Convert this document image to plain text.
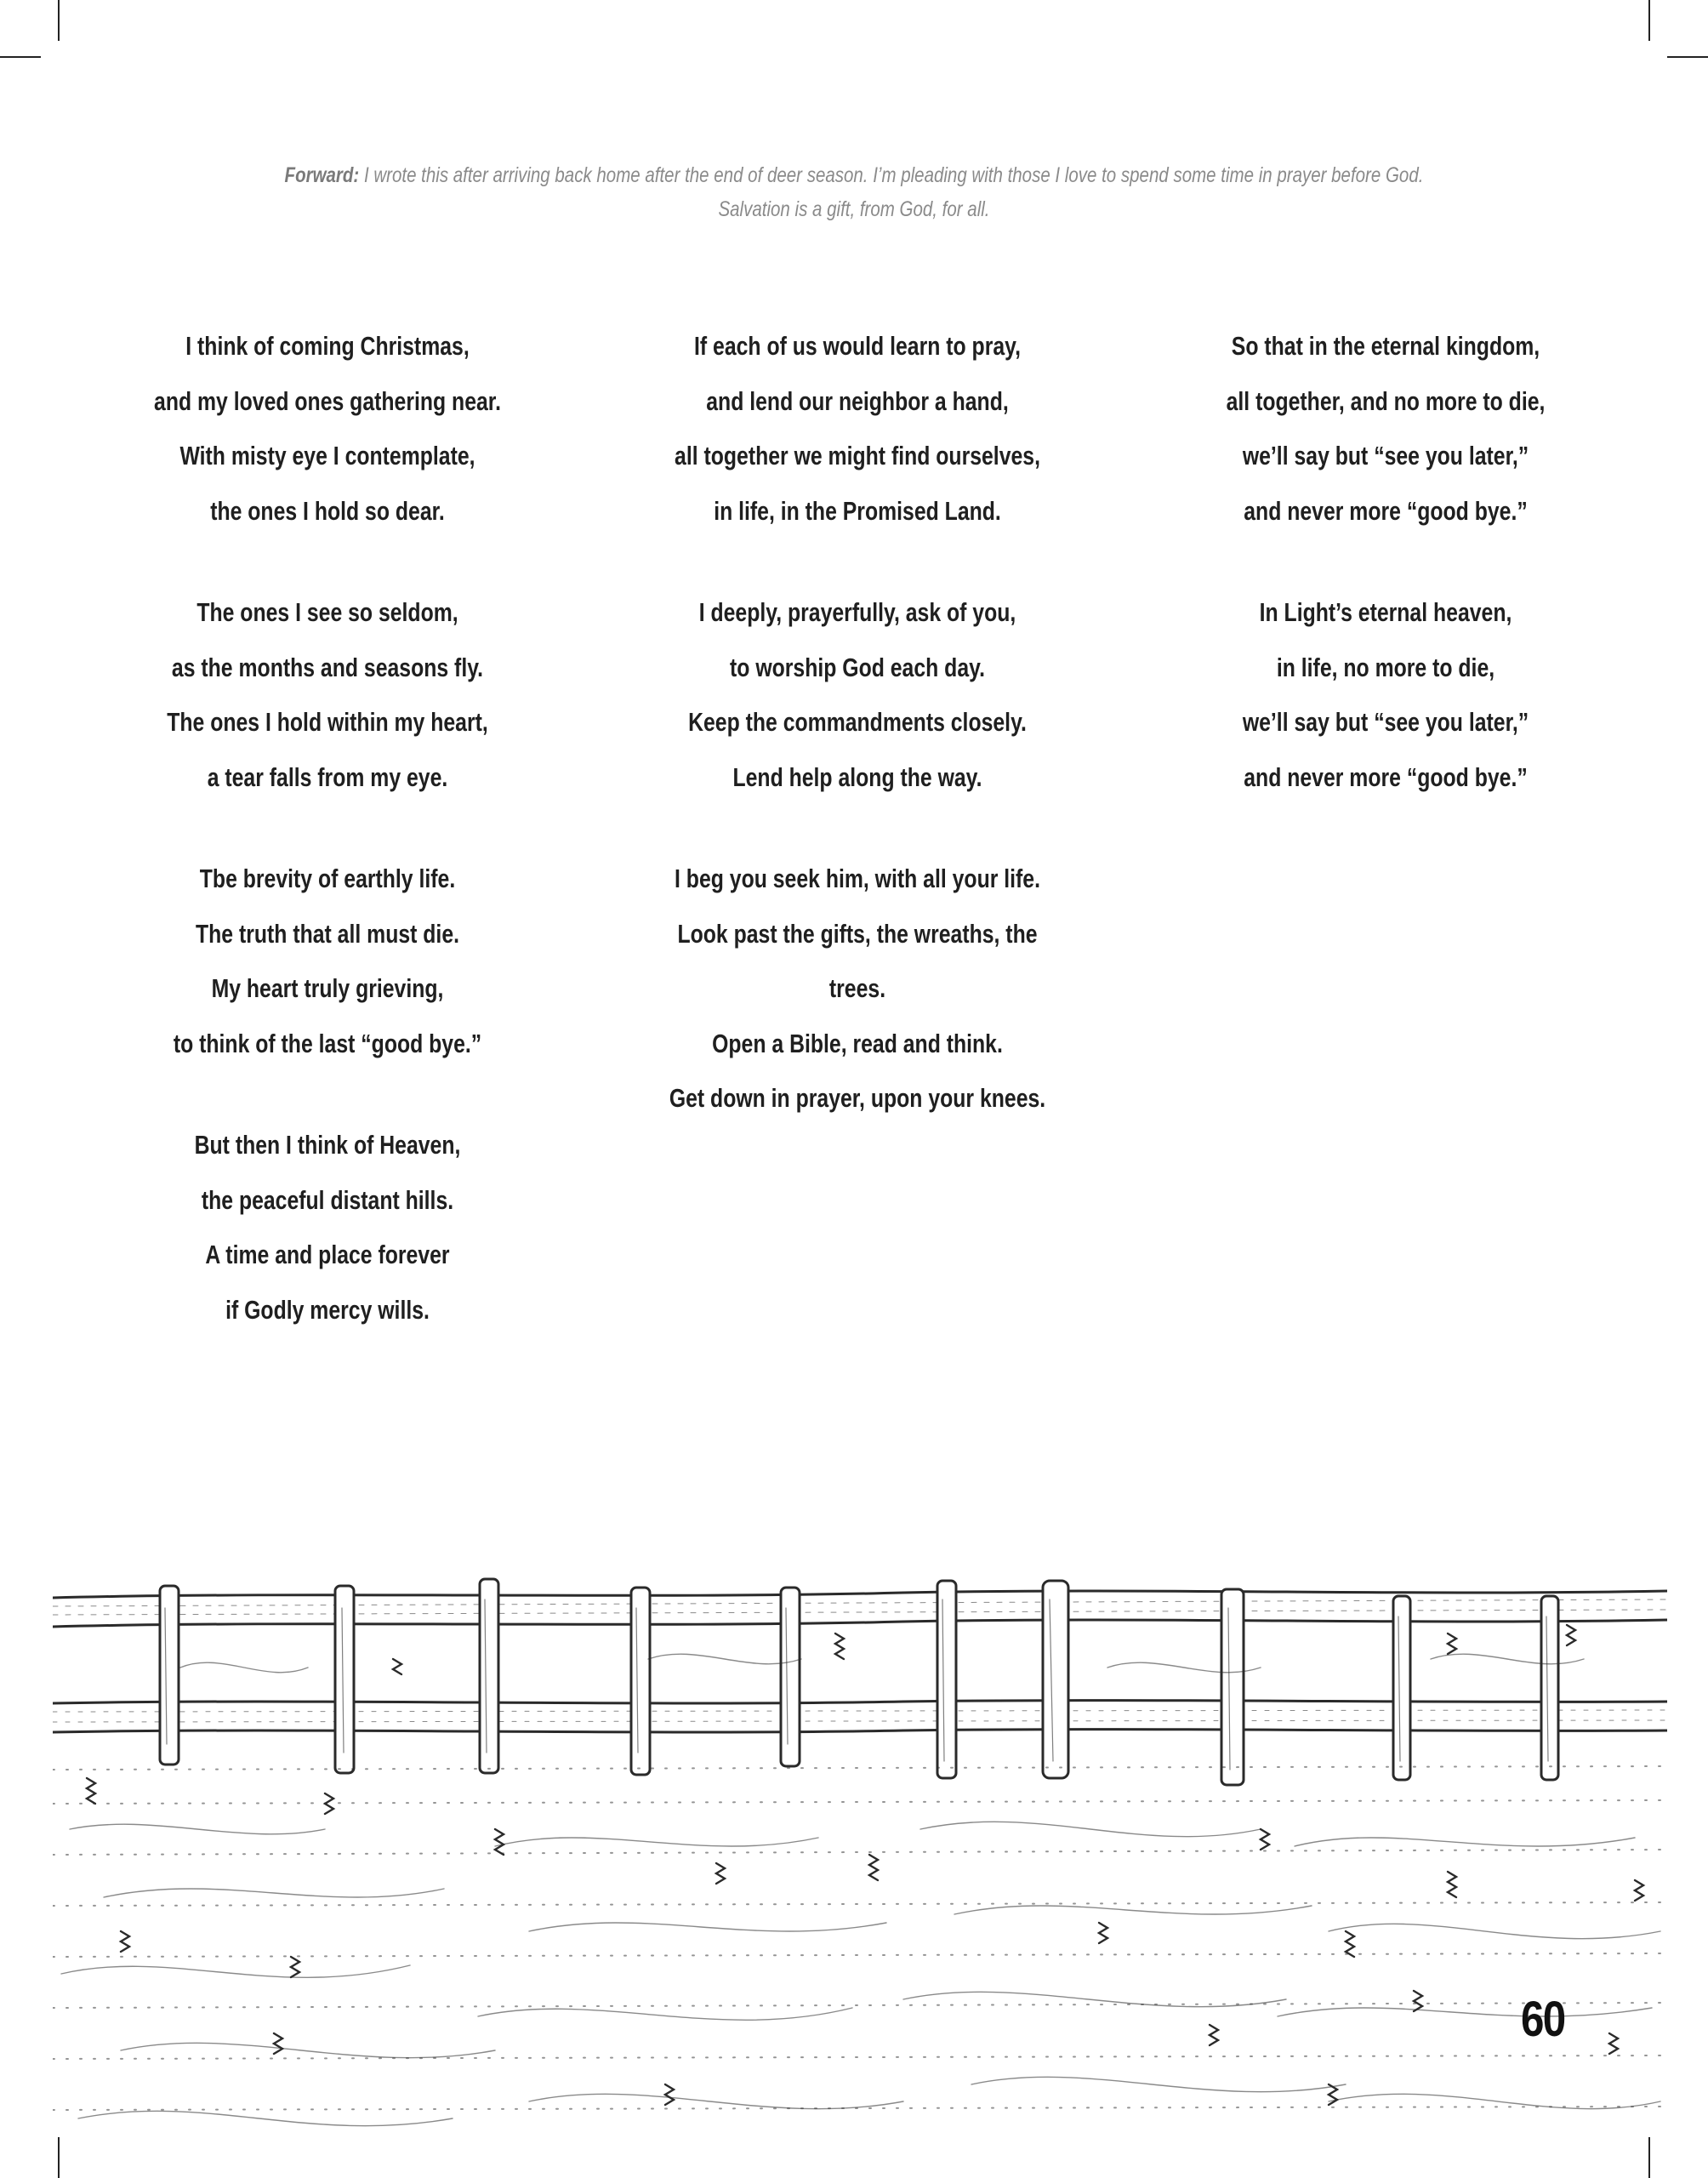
Forward: I wrote this after arriving back home after the end of deer season. I’m pleading with those I love to spend some time in prayer before God.
Salvation is a gift, from God, for all.
I think of coming Christmas,
and my loved ones gathering near.
With misty eye I contemplate,
the ones I hold so dear.
The ones I see so seldom,
as the months and seasons fly.
The ones I hold within my heart,
a tear falls from my eye.
Tbe brevity of earthly life.
The truth that all must die.
My heart truly grieving,
to think of the last “good bye.”
But then I think of Heaven,
the peaceful distant hills.
A time and place forever
if Godly mercy wills.
If each of us would learn to pray,
and lend our neighbor a hand,
all together we might find ourselves,
in life, in the Promised Land.
I deeply, prayerfully, ask of you,
to worship God each day.
Keep the commandments closely.
Lend help along the way.
I beg you seek him, with all your life.
Look past the gifts, the wreaths, the
trees.
Open a Bible, read and think.
Get down in prayer, upon your knees.
So that in the eternal kingdom,
all together, and no more to die,
we’ll say but “see you later,”
and never more “good bye.”
In Light’s eternal heaven,
in life, no more to die,
we’ll say but “see you later,”
and never more “good bye.”
60
